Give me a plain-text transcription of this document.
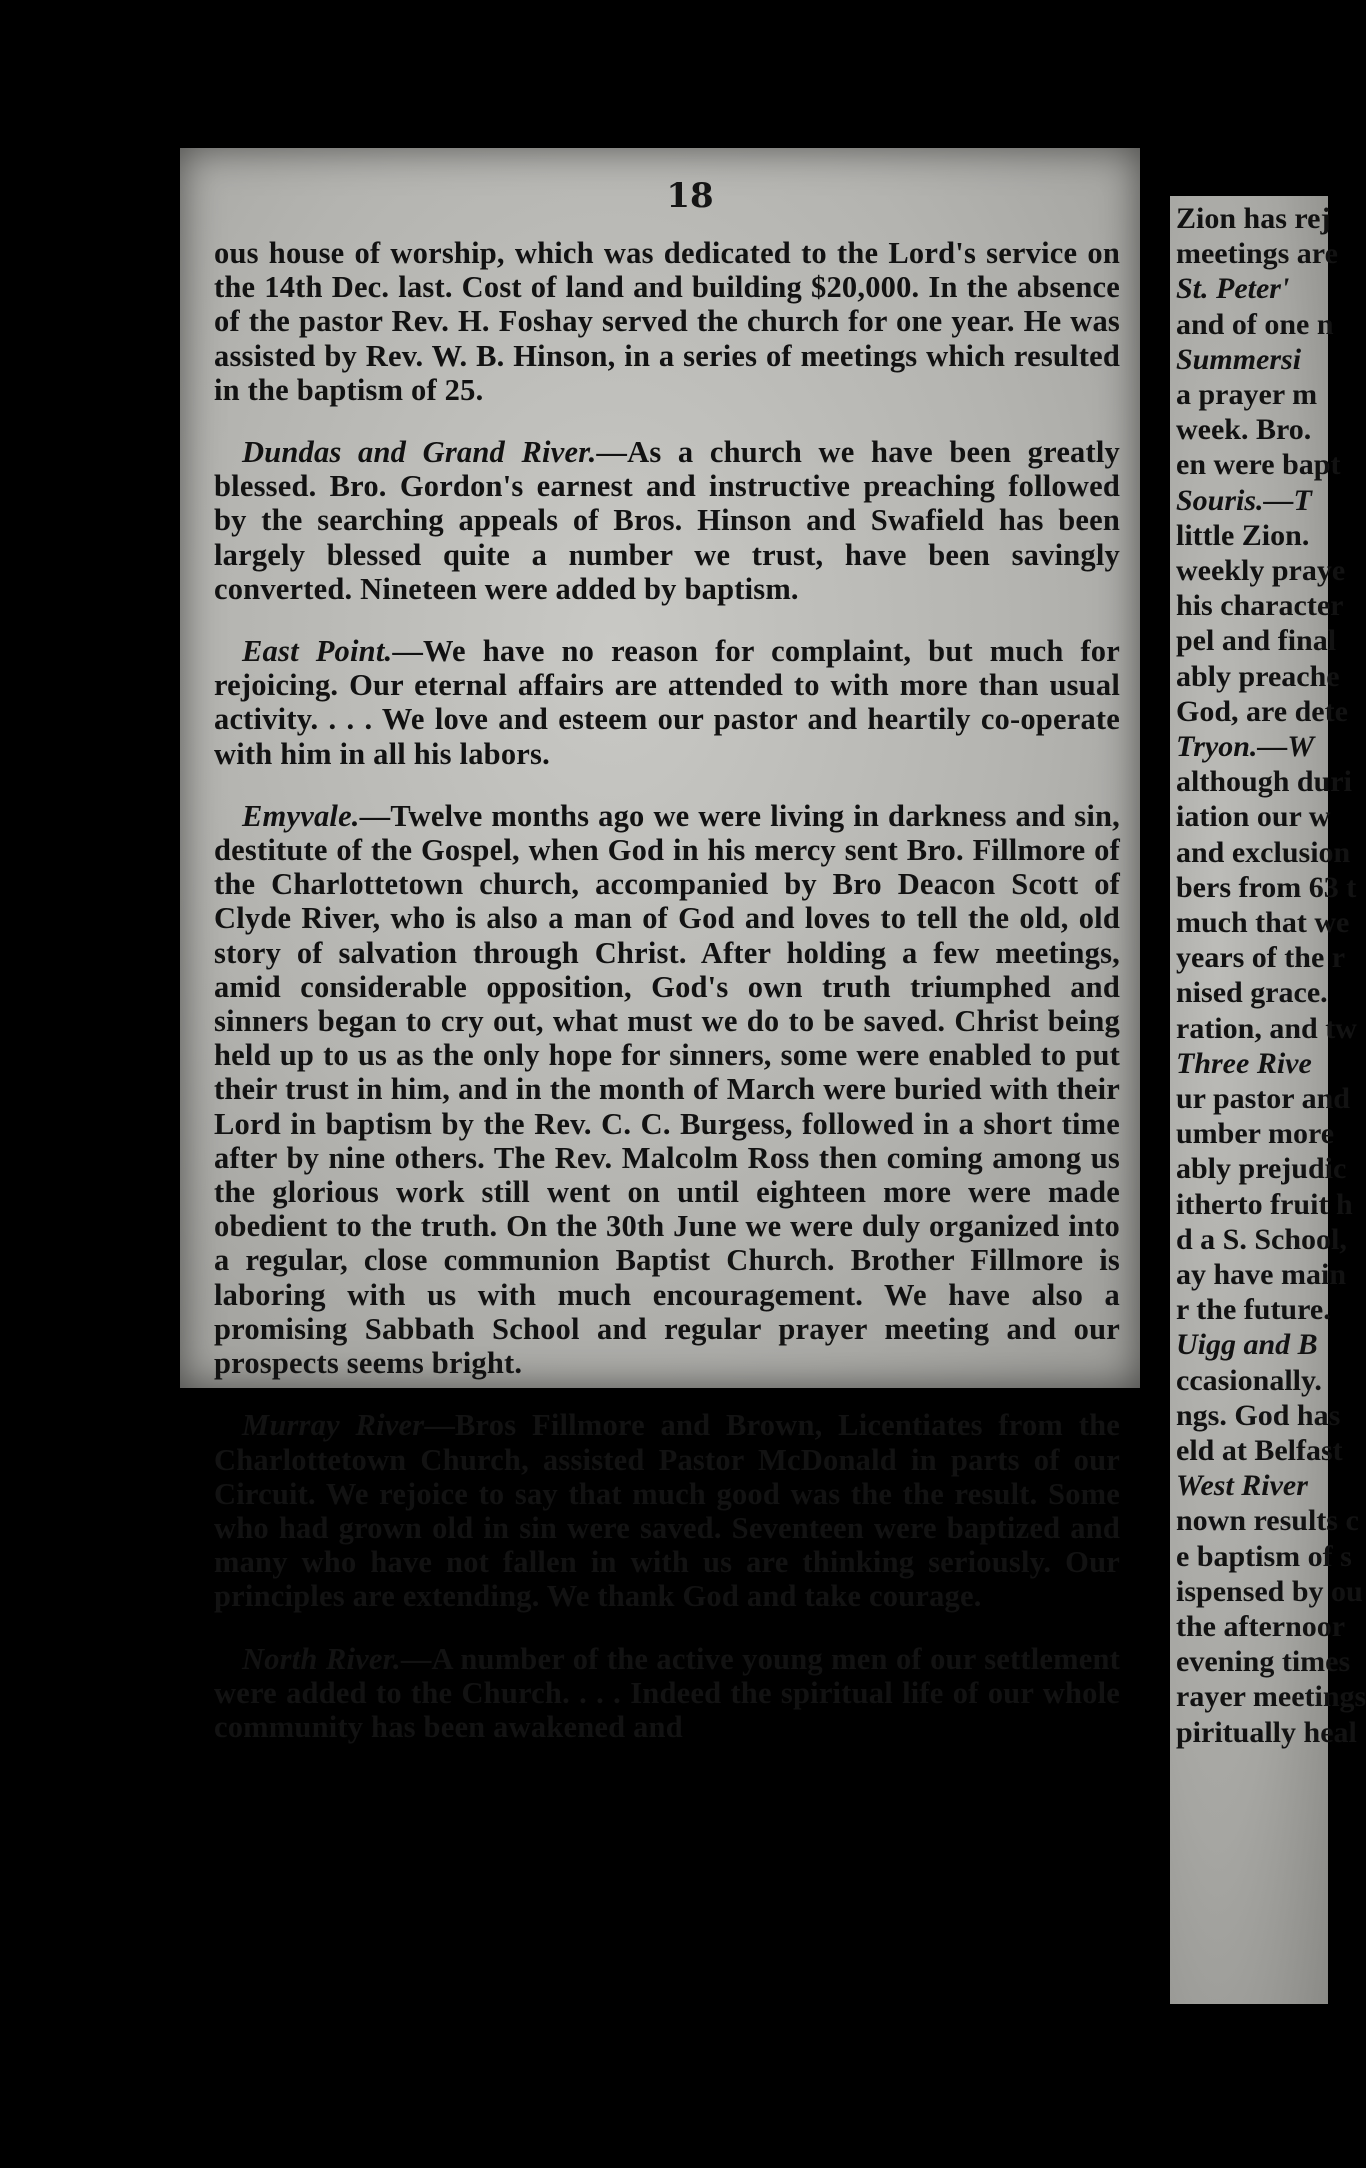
18

ous house of worship, which was dedicated to the Lord's service on the 14th Dec. last. Cost of land and building $20,000. In the absence of the pastor Rev. H. Foshay served the church for one year. He was assisted by Rev. W. B. Hinson, in a series of meetings which resulted in the baptism of 25.

Dundas and Grand River.—As a church we have been greatly blessed. Bro. Gordon's earnest and instructive preaching followed by the searching appeals of Bros. Hinson and Swafield has been largely blessed quite a number we trust, have been savingly converted. Nineteen were added by baptism.

East Point.—We have no reason for complaint, but much for rejoicing. Our eternal affairs are attended to with more than usual activity. . . . We love and esteem our pastor and heartily co-operate with him in all his labors.

Emyvale.—Twelve months ago we were living in darkness and sin, destitute of the Gospel, when God in his mercy sent Bro. Fillmore of the Charlottetown church, accompanied by Bro Deacon Scott of Clyde River, who is also a man of God and loves to tell the old, old story of salvation through Christ. After holding a few meetings, amid considerable opposition, God's own truth triumphed and sinners began to cry out, what must we do to be saved. Christ being held up to us as the only hope for sinners, some were enabled to put their trust in him, and in the month of March were buried with their Lord in baptism by the Rev. C. C. Burgess, followed in a short time after by nine others. The Rev. Malcolm Ross then coming among us the glorious work still went on until eighteen more were made obedient to the truth. On the 30th June we were duly organized into a regular, close communion Baptist Church. Brother Fillmore is laboring with us with much encouragement. We have also a promising Sabbath School and regular prayer meeting and our prospects seems bright.

Murray River—Bros Fillmore and Brown, Licentiates from the Charlottetown Church, assisted Pastor McDonald in parts of our Circuit. We rejoice to say that much good was the the result. Some who had grown old in sin were saved. Seventeen were baptized and many who have not fallen in with us are thinking seriously. Our principles are extending. We thank God and take courage.

North River.—A number of the active young men of our settlement were added to the Church. . . . Indeed the spiritual life of our whole community has been awakened and

Zion has rej
meetings are
St. Peter'
and of one n
Summersi
a prayer m
week. Bro.
en were bapt
Souris.—T
little Zion.
weekly praye
his character
pel and final
ably preache
God, are dete
Tryon.—W
although duri
iation our w
and exclusion
bers from 63 t
much that we
years of the r
nised grace.
ration, and tw
Three Rive
ur pastor and
umber more
ably prejudic
itherto fruit h
d a S. School,
ay have main
r the future.
Uigg and B
ccasionally.
ngs. God has
eld at Belfast
West River
nown results c
e baptism of s
ispensed by ou
the afternoor
evening times
rayer meetings
piritually heal
